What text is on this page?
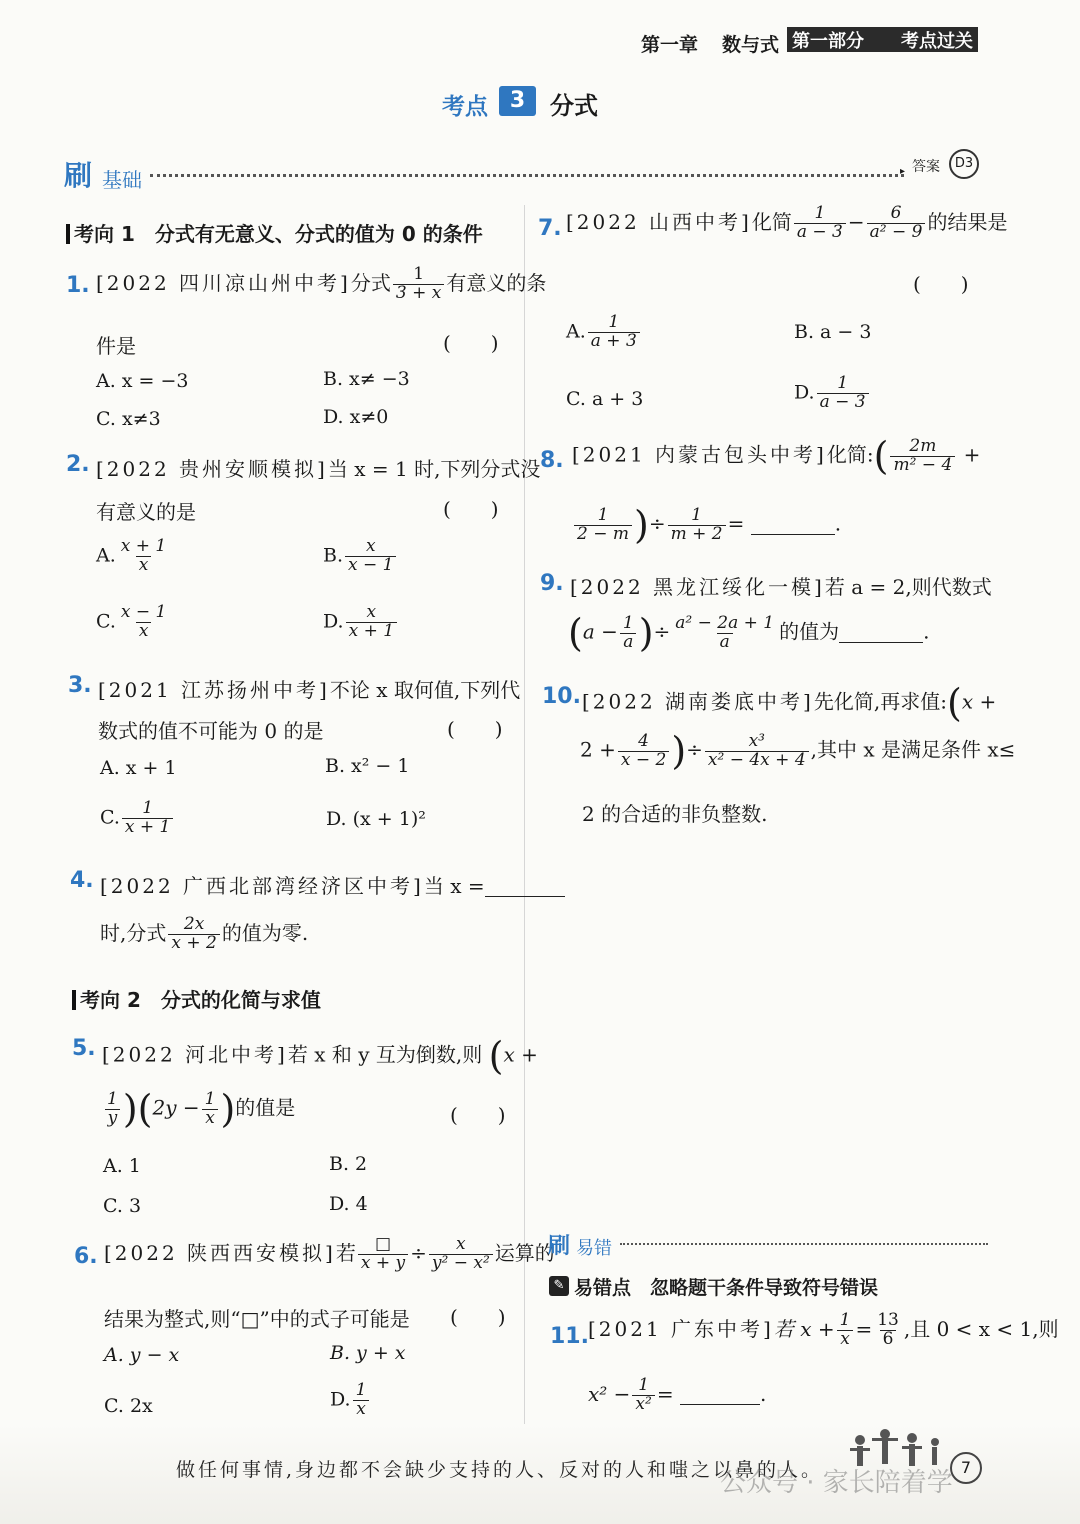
第一章 数与式 第一部分 考点过关
考点 3	分式
刷 基础	▸ 答案	D3
考向 1　分式有无意义、分式的值为 0 的条件
1. [2022 四川凉山州中考]分式 $\frac{1}{3 + x}$ 有意义的条
件是	(　　)
A. x = −3	B. x≠ −3
C. x≠3	D. x≠0
2. [2022 贵州安顺模拟]当 x = 1 时,下列分式没
有意义的是	(　　)
A. $\frac{x + 1}{x}$	B. $\frac{x}{x - 1}$
C. $\frac{x - 1}{x}$	D. $\frac{x}{x + 1}$
3. [2021 江苏扬州中考]不论 x 取何值,下列代
数式的值不可能为 0 的是	(　　)
A. x + 1	B. x² − 1
C. $\frac{1}{x + 1}$	D. (x + 1)²
4. [2022 广西北部湾经济区中考]当 x =
时,分式 $\frac{2x}{x + 2}$ 的值为零.
考向 2　分式的化简与求值
5. [2022 河北中考]若 x 和 y 互为倒数,则 (x +
$\frac{1}{y} )(2y - \frac{1}{x}$ )的值是	(　　)
A. 1	B. 2
C. 3	D. 4
6. [2022 陕西西安模拟]若 $\frac{□}{x + y} \div \frac{x}{\text{y² − x²}}$ 运算的
结果为整式,则“□”中的式子可能是 (　　)
A. y − x	B. y + x
C. 2x	D. $\frac{1}{x}$
7. [2022 山西中考]化简 $\frac{1}{a - 3} - \frac{6}{\text{a² − 9}}$ 的结果是
(　　)
A. $\frac{1}{a + 3}$	B. a − 3
C. a + 3	D. $\frac{1}{a - 3}$
8. [2021 内蒙古包头中考]化简:( $\frac{2m}{\text{m² − 4}}$ +
$\frac{1}{2 - m}$ )÷ $\frac{1}{m + 2}$ =	.
9. [2022 黑龙江绥化一模]若 a = 2,则代数式
($a - \frac{1}{a}$ )÷ $\frac{\text{a² − 2a + 1}}{a}$ 的值为	.
10. [2022 湖南娄底中考]先化简,再求值:(x +
$2 + \frac{4}{x - 2}$ )÷ $\frac{\text{x³}}{\text{x² − 4x + 4}}$ ,其中 x 是满足条件 x≤
2 的合适的非负整数.
刷 易错
✎ 易错点　忽略题干条件导致符号错误
11. [2021 广东中考]若 $x + \frac{1}{x} = \frac{13}{6}$ ,且 0 < x < 1,则
$x^2 - \frac{1}{\text{x²}}$ =	.
做任何事情,身边都不会缺少支持的人、反对的人和嗤之以鼻的人。
公众号 · 家长陪着学
7
